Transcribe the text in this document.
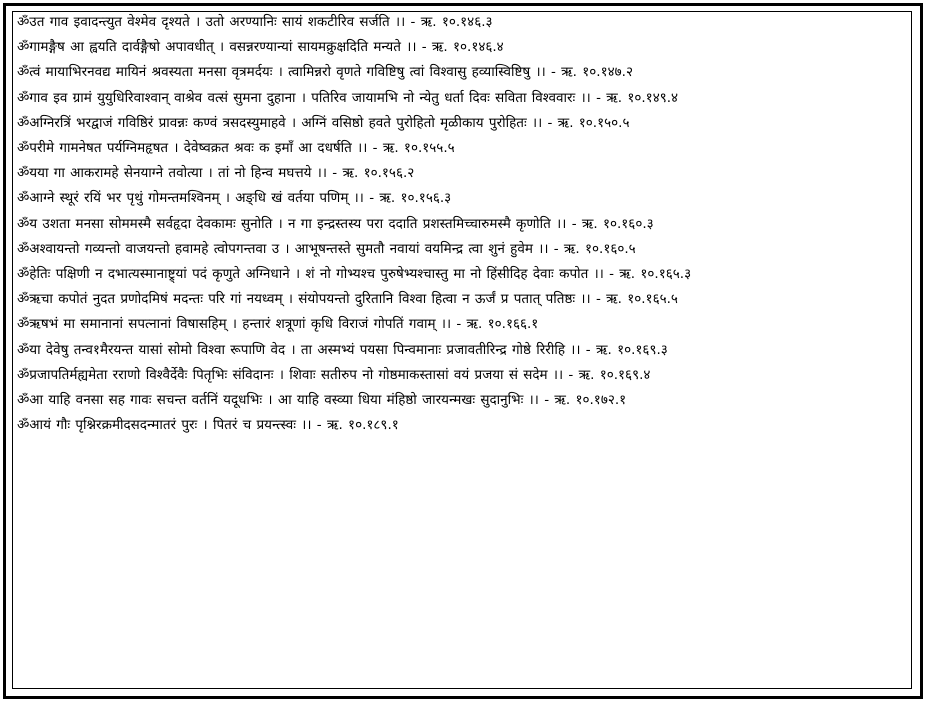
ॐउत गाव इवादन्त्युत वेश्मेव दृश्यते । उतो अरण्यानिः सायं शकटीरिव सर्जति ।। - ऋ. १०.१४६.३
ॐगामङ्गैष आ ह्वयति दार्वङ्गैषो अपावधीत् । वसन्नरण्यान्यां सायमक्रुक्षदिति मन्यते ।। - ऋ. १०.१४६.४
ॐत्वं मायाभिरनवद्य मायिनं श्रवस्यता मनसा वृत्रमर्दयः । त्वामिन्नरो वृणते गविष्टिषु त्वां विश्वासु हव्यास्विष्टिषु ।। - ऋ. १०.१४७.२
ॐगाव इव ग्रामं युयुधिरिवाश्वान् वाश्रेव वत्सं सुमना दुहाना । पतिरिव जायामभि नो न्येतु धर्ता दिवः सविता विश्ववारः ।। - ऋ. १०.१४९.४
ॐअग्निरत्रिं भरद्वाजं गविष्ठिरं प्रावन्नः कण्वं त्रसदस्युमाहवे । अग्निं वसिष्ठो हवते पुरोहितो मृळीकाय पुरोहितः ।। - ऋ. १०.१५०.५
ॐपरीमे गामनेषत पर्यग्निमहृषत । देवेष्वक्रत श्रवः क इमाँ आ दधर्षति ।। - ऋ. १०.१५५.५
ॐयया गा आकरामहे सेनयाग्ने तवोत्या । तां नो हिन्व मघत्तये ।। - ऋ. १०.१५६.२
ॐआग्ने स्थूरं रयिं भर पृथुं गोमन्तमश्विनम् । अङ्धि खं वर्तया पणिम् ।। - ऋ. १०.१५६.३
ॐय उशता मनसा सोममस्मै सर्वहृदा देवकामः सुनोति । न गा इन्द्रस्तस्य परा ददाति प्रशस्तमिच्चारुमस्मै कृणोति ।। - ऋ. १०.१६०.३
ॐअश्वायन्तो गव्यन्तो वाजयन्तो हवामहे त्वोपगन्तवा उ । आभूषन्तस्ते सुमतौ नवायां वयमिन्द्र त्वा शुनं हुवेम ।। - ऋ. १०.१६०.५
ॐहेतिः पक्षिणी न दभात्यस्मानाष्ट्र्यां पदं कृणुते अग्निधाने । शं नो गोभ्यश्च पुरुषेभ्यश्चास्तु मा नो हिंसीदिह देवाः कपोत ।। - ऋ. १०.१६५.३
ॐऋचा कपोतं नुदत प्रणोदमिषं मदन्तः परि गां नयध्वम् । संयोपयन्तो दुरितानि विश्वा हित्वा न ऊर्जं प्र पतात् पतिष्ठः ।। - ऋ. १०.१६५.५
ॐऋषभं मा समानानां सपत्नानां विषासहिम् । हन्तारं शत्रूणां कृधि विराजं गोपतिं गवाम् ।। - ऋ. १०.१६६.१
ॐया देवेषु तन्व१मैरयन्त यासां सोमो विश्वा रूपाणि वेद । ता अस्मभ्यं पयसा पिन्वमानाः प्रजावतीरिन्द्र गोष्ठे रिरीहि ।। - ऋ. १०.१६९.३
ॐप्रजापतिर्मह्यमेता रराणो विश्वैर्देवैः पितृभिः संविदानः । शिवाः सतीरुप नो गोष्ठमाकस्तासां वयं प्रजया सं सदेम ।। - ऋ. १०.१६९.४
ॐआ याहि वनसा सह गावः सचन्त वर्तनिं यदूधभिः । आ याहि वस्व्या धिया मंहिष्ठो जारयन्मखः सुदानुभिः ।। - ऋ. १०.१७२.१
ॐआयं गौः पृश्निरक्रमीदसदन्मातरं पुरः । पितरं च प्रयन्त्स्वः ।। - ऋ. १०.१८९.१
